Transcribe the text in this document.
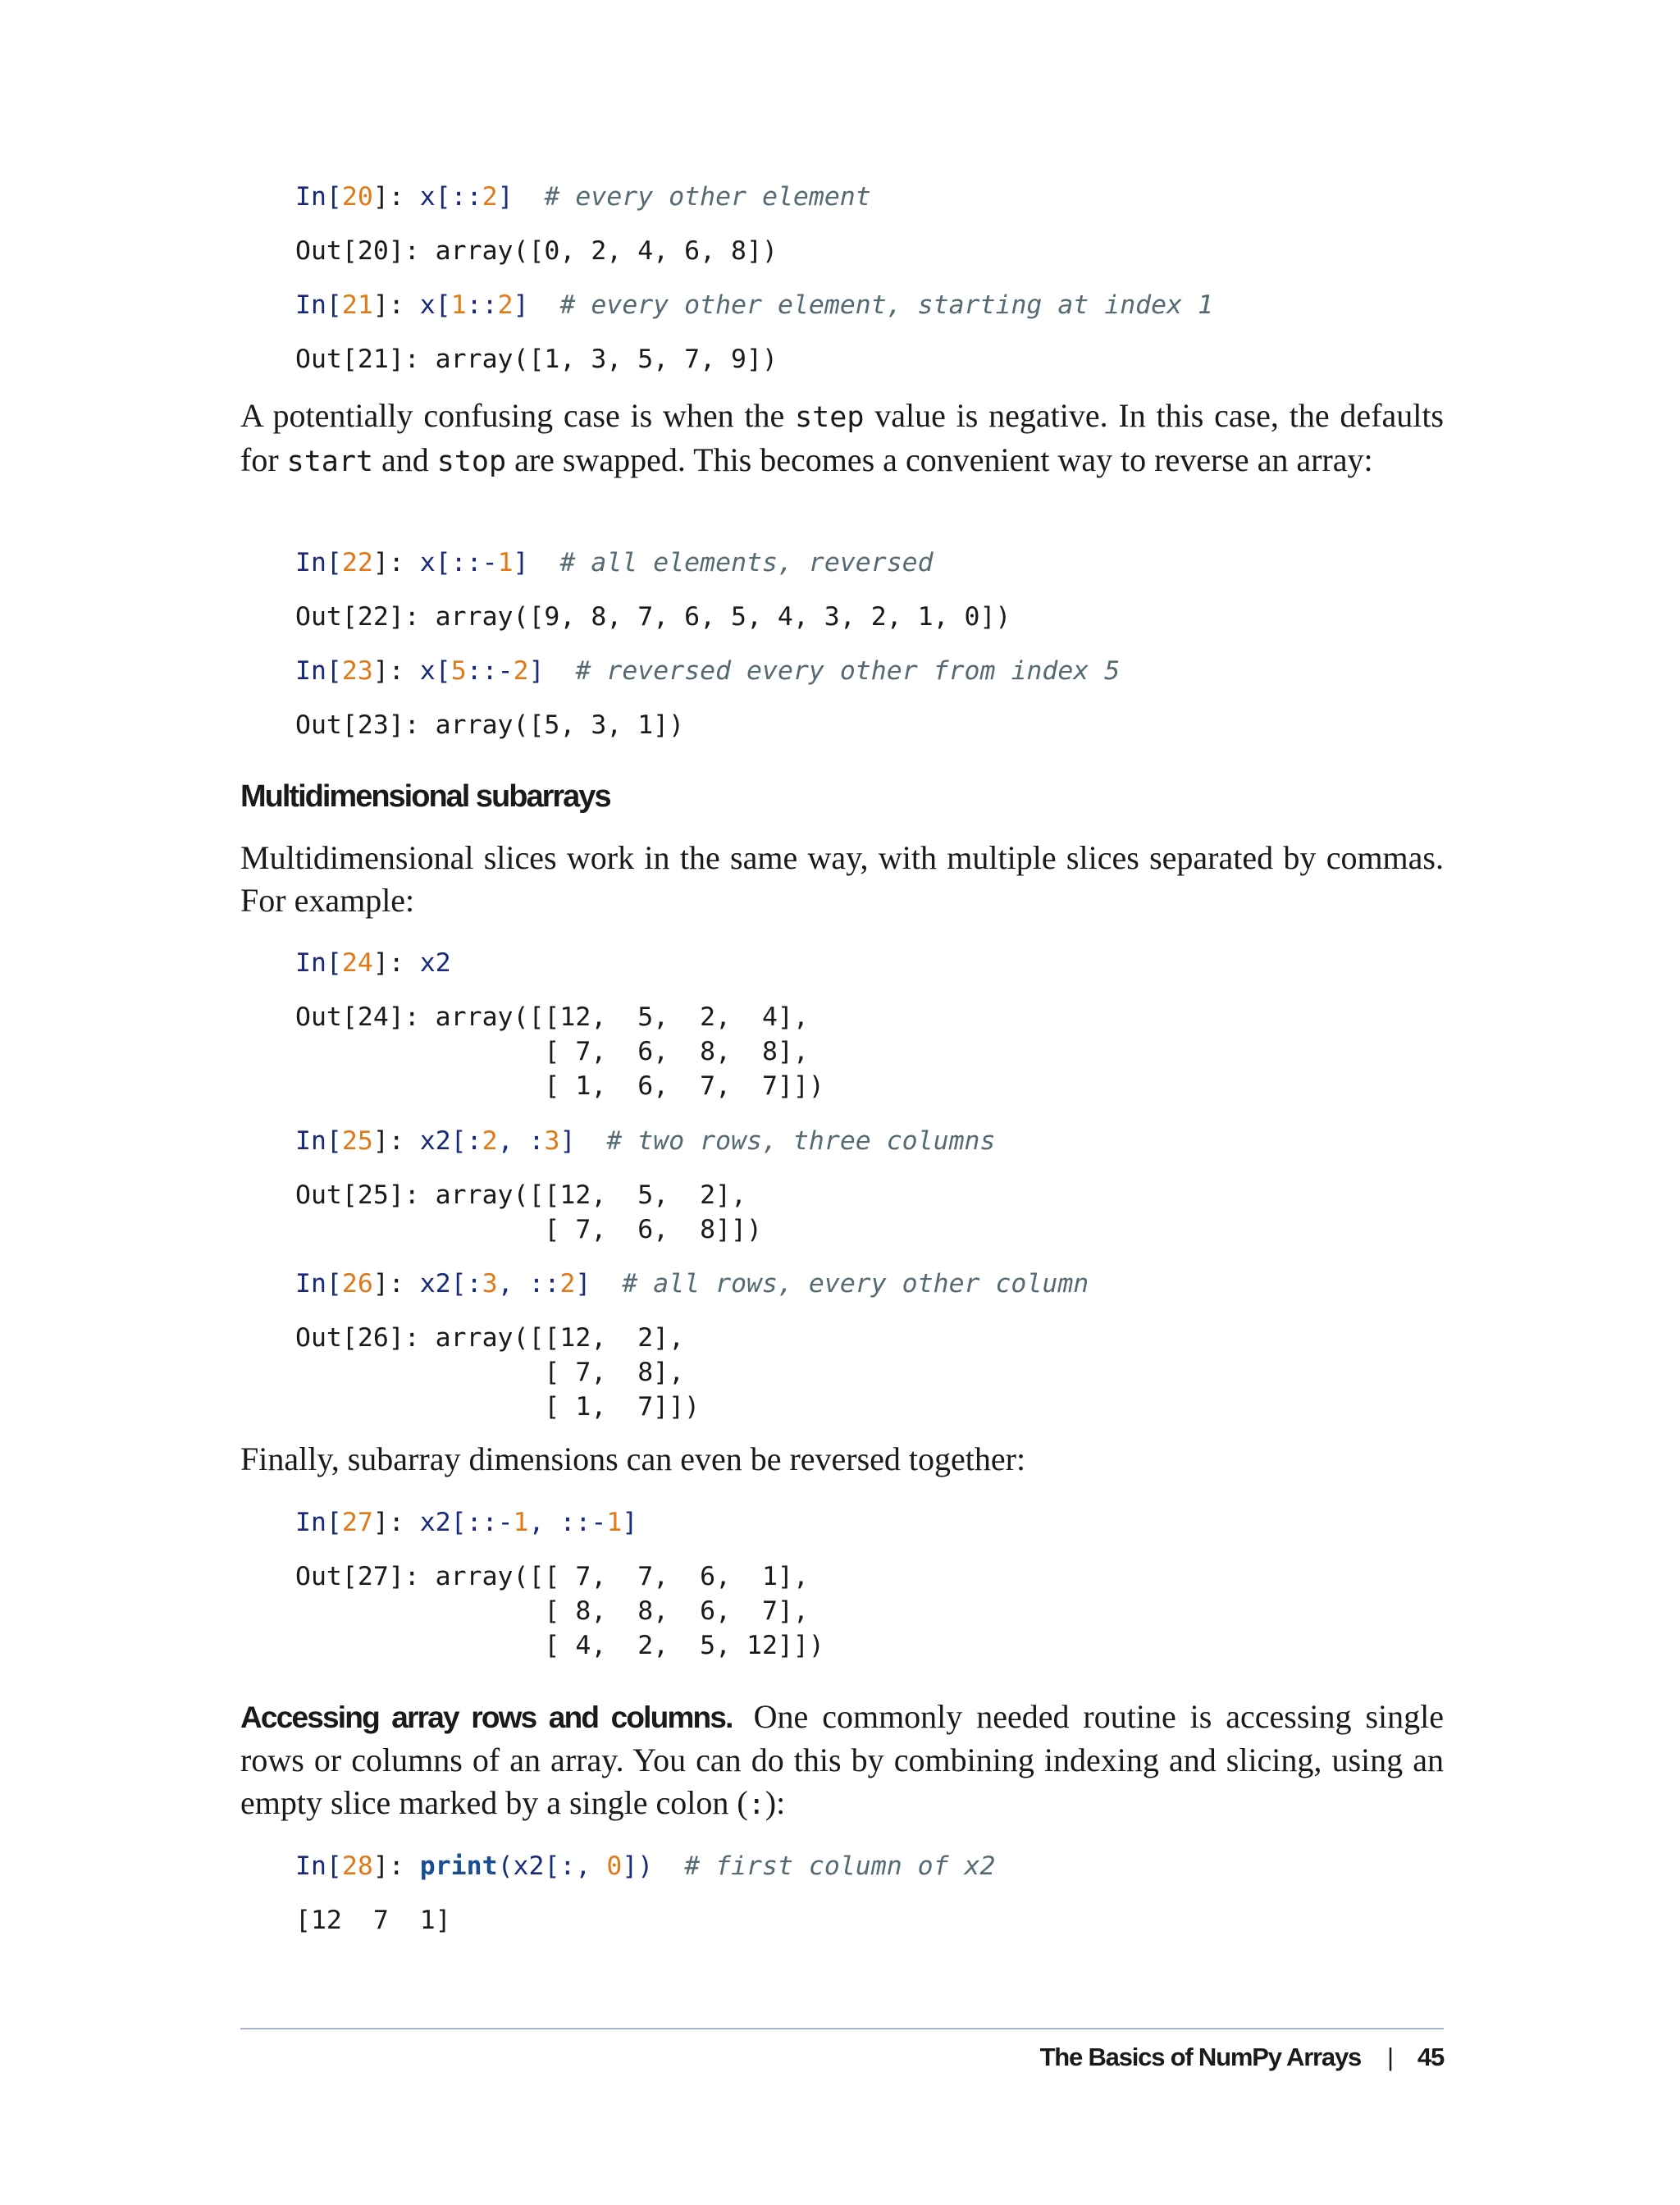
In[20]: x[::2] # every other element
Out[20]: array([0, 2, 4, 6, 8])
In[21]: x[1::2] # every other element, starting at index 1
Out[21]: array([1, 3, 5, 7, 9])

A potentially confusing case is when the step value is negative. In this case, the defaults for start and stop are swapped. This becomes a convenient way to reverse an array:

In[22]: x[::-1] # all elements, reversed
Out[22]: array([9, 8, 7, 6, 5, 4, 3, 2, 1, 0])
In[23]: x[5::-2] # reversed every other from index 5
Out[23]: array([5, 3, 1])
Multidimensional subarrays

Multidimensional slices work in the same way, with multiple slices separated by commas. For example:

In[24]: x2
Out[24]: array([[12,  5,  2,  4],
[ 7,  6,  8,  8],
[ 1,  6,  7,  7]])
In[25]: x2[:2, :3] # two rows, three columns
Out[25]: array([[12,  5,  2],
[ 7,  6,  8]])
In[26]: x2[:3, ::2] # all rows, every other column
Out[26]: array([[12,  2],
[ 7,  8],
[ 1,  7]])

Finally, subarray dimensions can even be reversed together:

In[27]: x2[::-1, ::-1]
Out[27]: array([[ 7,  7,  6,  1],
[ 8,  8,  6,  7],
[ 4,  2,  5, 12]])

Accessing array rows and columns. One commonly needed routine is accessing single rows or columns of an array. You can do this by combining indexing and slicing, using an empty slice marked by a single colon (:):

In[28]: print(x2[:, 0]) # first column of x2
[12  7  1]
The Basics of NumPy Arrays | 45
